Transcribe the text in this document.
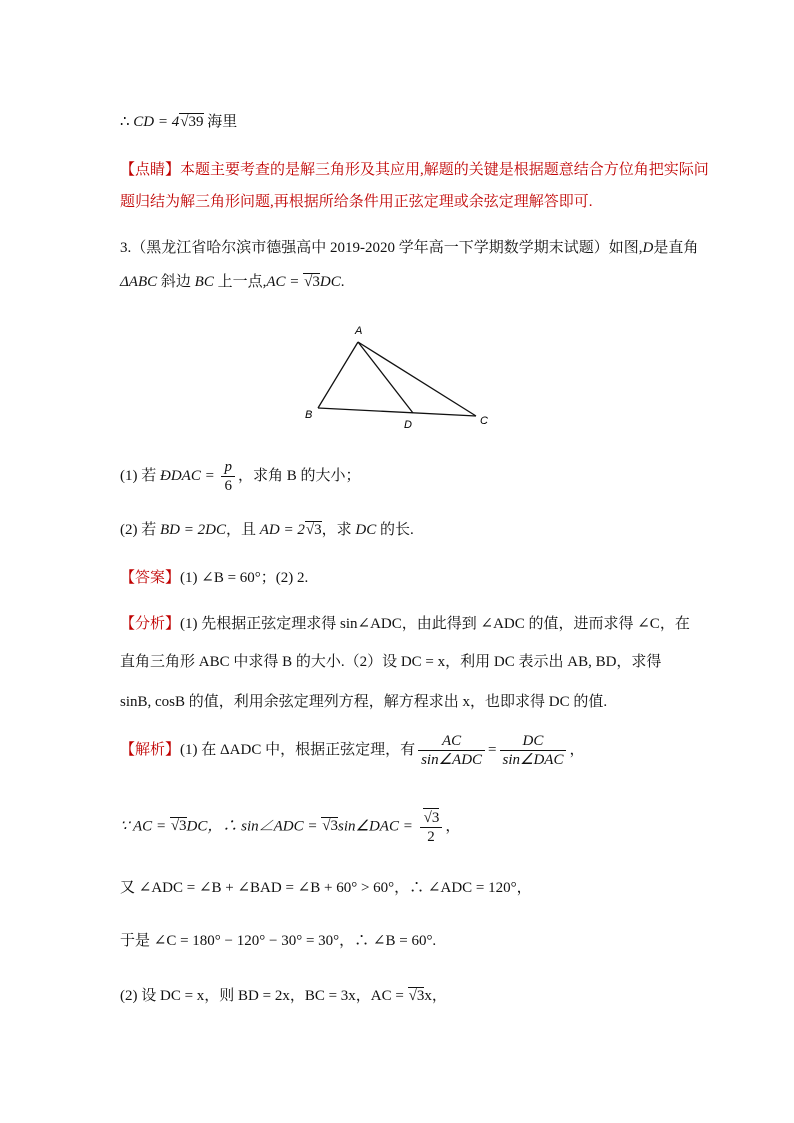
∴ CD = 4√39 海里
【点睛】本题主要考查的是解三角形及其应用,解题的关键是根据题意结合方位角把实际问
题归结为解三角形问题,再根据所给条件用正弦定理或余弦定理解答即可.
3.（黑龙江省哈尔滨市德强高中 2019-2020 学年高一下学期数学期末试题）如图,D是直角
ΔABC 斜边 BC 上一点,AC = √3DC.
A
B	C
D
(1) 若 ÐDAC = $\frac{p}{6}$ ，求角 B 的大小；
(2) 若 BD = 2DC，且 AD = 2√3，求 DC 的长.
【答案】(1) ∠B = 60°；(2) 2.
【分析】(1) 先根据正弦定理求得 sin∠ADC，由此得到 ∠ADC 的值，进而求得 ∠C，在
直角三角形 ABC 中求得 B 的大小.（2）设 DC = x，利用 DC 表示出 AB, BD，求得
sinB, cosB 的值，利用余弦定理列方程，解方程求出 x，也即求得 DC 的值.
【解析】(1) 在 ΔADC 中，根据正弦定理，有 $\frac{AC}{\text{sin∠ADC}} = \frac{DC}{\text{sin∠DAC}}$ ，
∵ AC = √3DC，∴ sin∠ADC = √3sin∠DAC = $\frac{√3}{2}$ ，
又 ∠ADC = ∠B + ∠BAD = ∠B + 60° > 60°，∴ ∠ADC = 120°，
于是 ∠C = 180° − 120° − 30° = 30°，∴ ∠B = 60°.
(2) 设 DC = x，则 BD = 2x，BC = 3x，AC = √3x，
